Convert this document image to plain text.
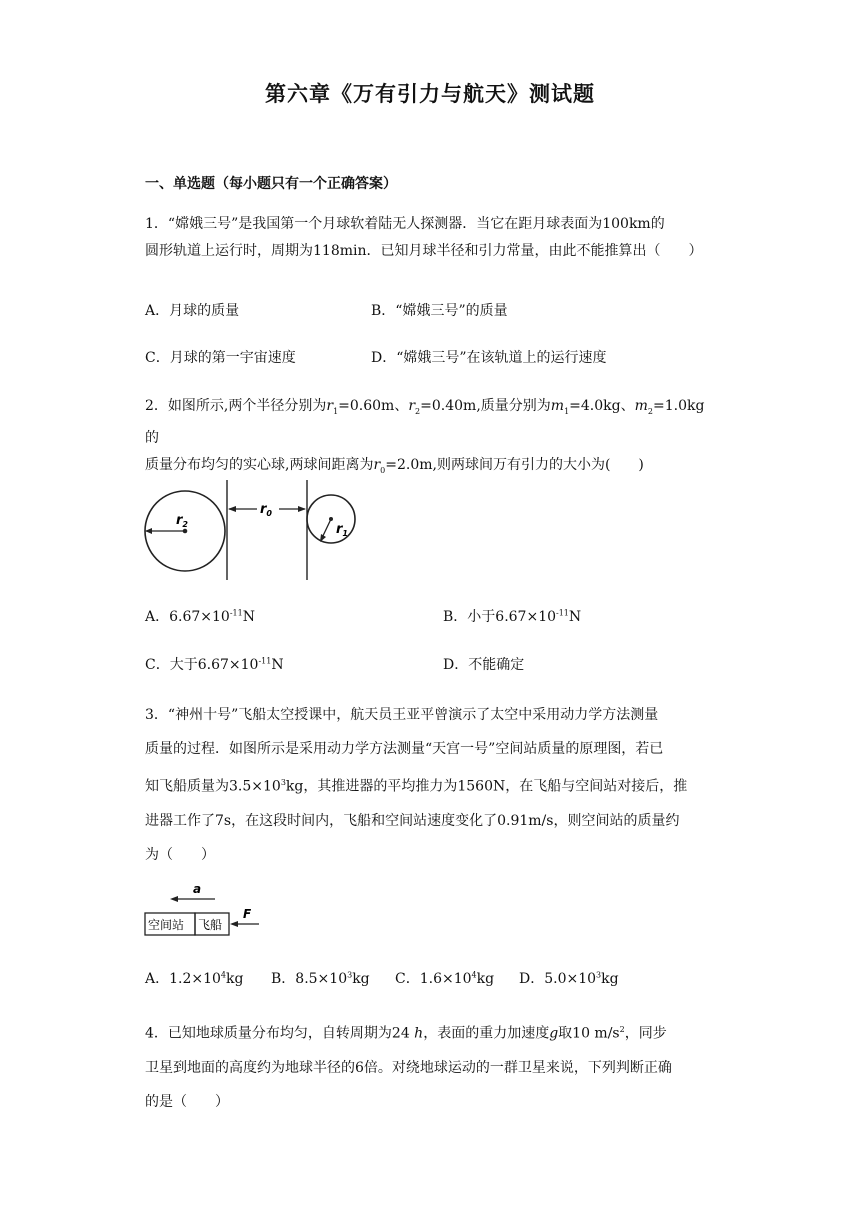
第六章《万有引力与航天》测试题
一、单选题（每小题只有一个正确答案）
1．“嫦娥三号”是我国第一个月球软着陆无人探测器．当它在距月球表面为100km的
圆形轨道上运行时，周期为118min．已知月球半径和引力常量，由此不能推算出（　　）
A．月球的质量	B．“嫦娥三号”的质量
C．月球的第一宇宙速度	D．“嫦娥三号”在该轨道上的运行速度
2．如图所示,两个半径分别为$r_1=0.60m$、$r_2=0.40m$,质量分别为$m_1=4.0kg$、$m_2=1.0kg$的
质量分布均匀的实心球,两球间距离为$r_0=2.0m$,则两球间万有引力的大小为(　　)
$r_2$
$r_0$
$r_1$
A．$6.67\times 10^{-11}N$	B．小于$6.67\times 10^{-11}N$
C．大于$6.67\times 10^{-11}N$	D．不能确定
3．“神州十号”飞船太空授课中，航天员王亚平曾演示了太空中采用动力学方法测量
质量的过程．如图所示是采用动力学方法测量“天宫一号”空间站质量的原理图，若已
知飞船质量为$3.5\times 10^3kg$，其推进器的平均推力为1560N，在飞船与空间站对接后，推
进器工作了7s，在这段时间内，飞船和空间站速度变化了0.91m/s，则空间站的质量约
为（　　）
a
空间站 飞船
F
A．$1.2\times 10^4kg$ B．$8.5\times 10^3kg$ C．$1.6\times 10^4kg$ D．$5.0\times 10^3kg$
4．已知地球质量分布均匀，自转周期为24 h，表面的重力加速度g取10 $m/s^2$，同步
卫星到地面的高度约为地球半径的6倍。对绕地球运动的一群卫星来说，下列判断正确
的是（　　）
